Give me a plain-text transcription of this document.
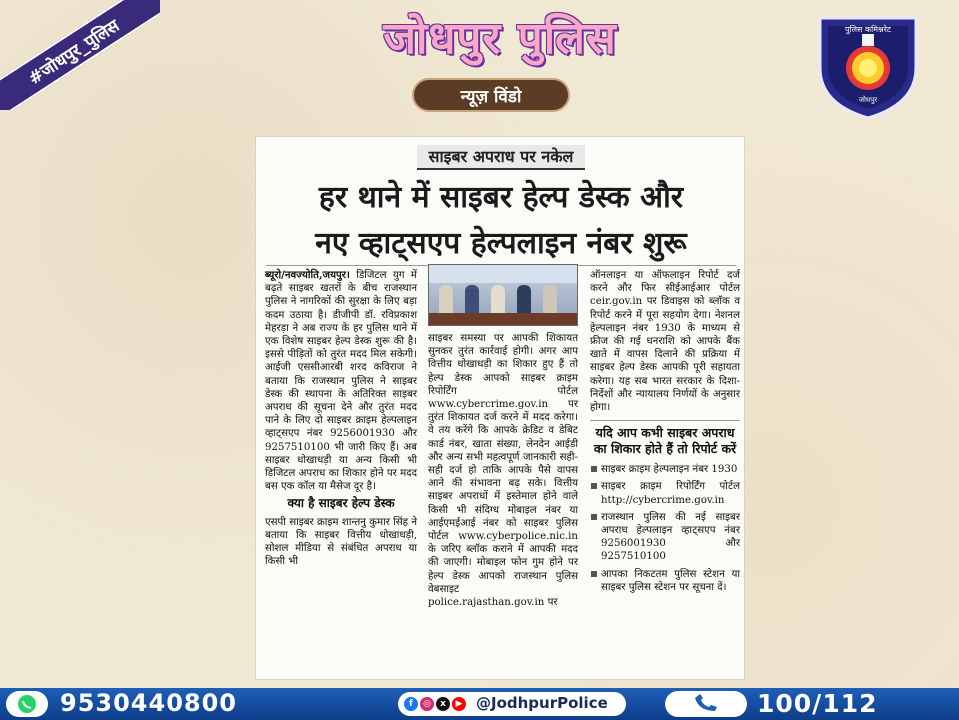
#जोधपुर_पुलिस	जोधपुर पुलिस
न्यूज़ विंडो
पुलिस कमिश्नरेट
जोधपुर
साइबर अपराध पर नकेल
हर थाने में साइबर हेल्प डेस्क और
नए व्हाट्सएप हेल्पलाइन नंबर शुरू

ब्यूरो/नवज्योति,जयपुर। डिजिटल युग में बढ़ते साइबर खतरों के बीच राजस्थान पुलिस ने नागरिकों की सुरक्षा के लिए बड़ा कदम उठाया है। डीजीपी डॉ. रविप्रकाश मेहरड़ा ने अब राज्य के हर पुलिस थाने में एक विशेष साइबर हेल्प डेस्क शुरू की है। इससे पीड़ितों को तुरंत मदद मिल सकेगी। आईजी एससीआरबी शरद कविराज ने बताया कि राजस्थान पुलिस ने साइबर डेस्क की स्थापना के अतिरिक्त साइबर अपराध की सूचना देने और तुरंत मदद पाने के लिए दो साइबर क्राइम हेल्पलाइन व्हाट्सएप नंबर 9256001930 और 9257510100 भी जारी किए हैं। अब साइबर धोखाधड़ी या अन्य किसी भी डिजिटल अपराध का शिकार होने पर मदद बस एक कॉल या मैसेज दूर है।

क्या है साइबर हेल्प डेस्क

एसपी साइबर क्राइम शान्तनु कुमार सिंह ने बताया कि साइबर वित्तीय धोखाधड़ी, सोशल मीडिया से संबंधित अपराध या किसी भी

साइबर समस्या पर आपकी शिकायत सुनकर तुरंत कार्रवाई होगी। अगर आप वित्तीय धोखाधड़ी का शिकार हुए हैं तो हेल्प डेस्क आपको साइबर क्राइम रिपोर्टिंग पोर्टल www.cybercrime.gov.in पर तुरंत शिकायत दर्ज करने में मदद करेगा। वे तय करेंगे कि आपके क्रेडिट व डेबिट कार्ड नंबर, खाता संख्या, लेनदेन आईडी और अन्य सभी महत्वपूर्ण जानकारी सही-सही दर्ज हो ताकि आपके पैसे वापस आने की संभावना बढ़ सके। वित्तीय साइबर अपराधों में इस्तेमाल होने वाले किसी भी संदिग्ध मोबाइल नंबर या आईएमईआई नंबर को साइबर पुलिस पोर्टल www.cyberpolice.nic.in के जरिए ब्लॉक कराने में आपकी मदद की जाएगी। मोबाइल फोन गुम होने पर हेल्प डेस्क आपको राजस्थान पुलिस वेबसाइट police.rajasthan.gov.in पर

ऑनलाइन या ऑफलाइन रिपोर्ट दर्ज करने और फिर सीईआईआर पोर्टल ceir.gov.in पर डिवाइस को ब्लॉक व रिपोर्ट करने में पूरा सहयोग देगा। नेशनल हेल्पलाइन नंबर 1930 के माध्यम से फ्रीज की गई धनराशि को आपके बैंक खाते में वापस दिलाने की प्रक्रिया में साइबर हेल्प डेस्क आपकी पूरी सहायता करेगा। यह सब भारत सरकार के दिशा-निर्देशों और न्यायालय निर्णयों के अनुसार होगा।

यदि आप कभी साइबर अपराध का शिकार होते हैं तो रिपोर्ट करें
साइबर क्राइम हेल्पलाइन नंबर 1930
साइबर क्राइम रिपोर्टिंग पोर्टल http://cybercrime.gov.in
राजस्थान पुलिस की नई साइबर अपराध हेल्पलाइन व्हाट्सएप नंबर 9256001930 और 9257510100
आपका निकटतम पुलिस स्टेशन या साइबर पुलिस स्टेशन पर सूचना दें।
9530440800	f	◎	x	▶ @JodhpurPolice	100/112
